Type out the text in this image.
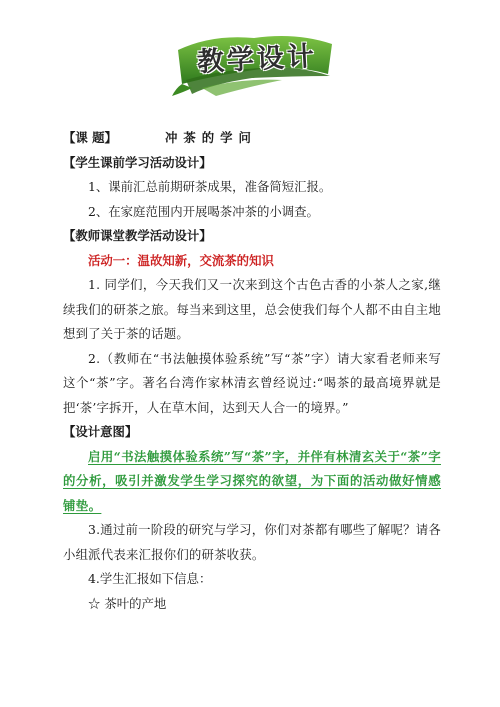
教学设计
【课 题】	冲茶的学问
【学生课前学习活动设计】
1、课前汇总前期研茶成果，准备简短汇报。
2、在家庭范围内开展喝茶冲茶的小调查。
【教师课堂教学活动设计】
活动一：温故知新，交流茶的知识
1. 同学们，今天我们又一次来到这个古色古香的小茶人之家,继续我们的研茶之旅。每当来到这里，总会使我们每个人都不由自主地想到了关于茶的话题。
2.（教师在“书法触摸体验系统”写“茶”字）请大家看老师来写这个“茶”字。著名台湾作家林清玄曾经说过:“喝茶的最高境界就是把‘茶’字拆开，人在草木间，达到天人合一的境界。”
【设计意图】
启用“书法触摸体验系统”写“茶”字，并伴有林清玄关于“茶”字的分析，吸引并激发学生学习探究的欲望，为下面的活动做好情感铺垫。
3.通过前一阶段的研究与学习，你们对茶都有哪些了解呢？请各小组派代表来汇报你们的研茶收获。
4.学生汇报如下信息：
☆ 茶叶的产地
